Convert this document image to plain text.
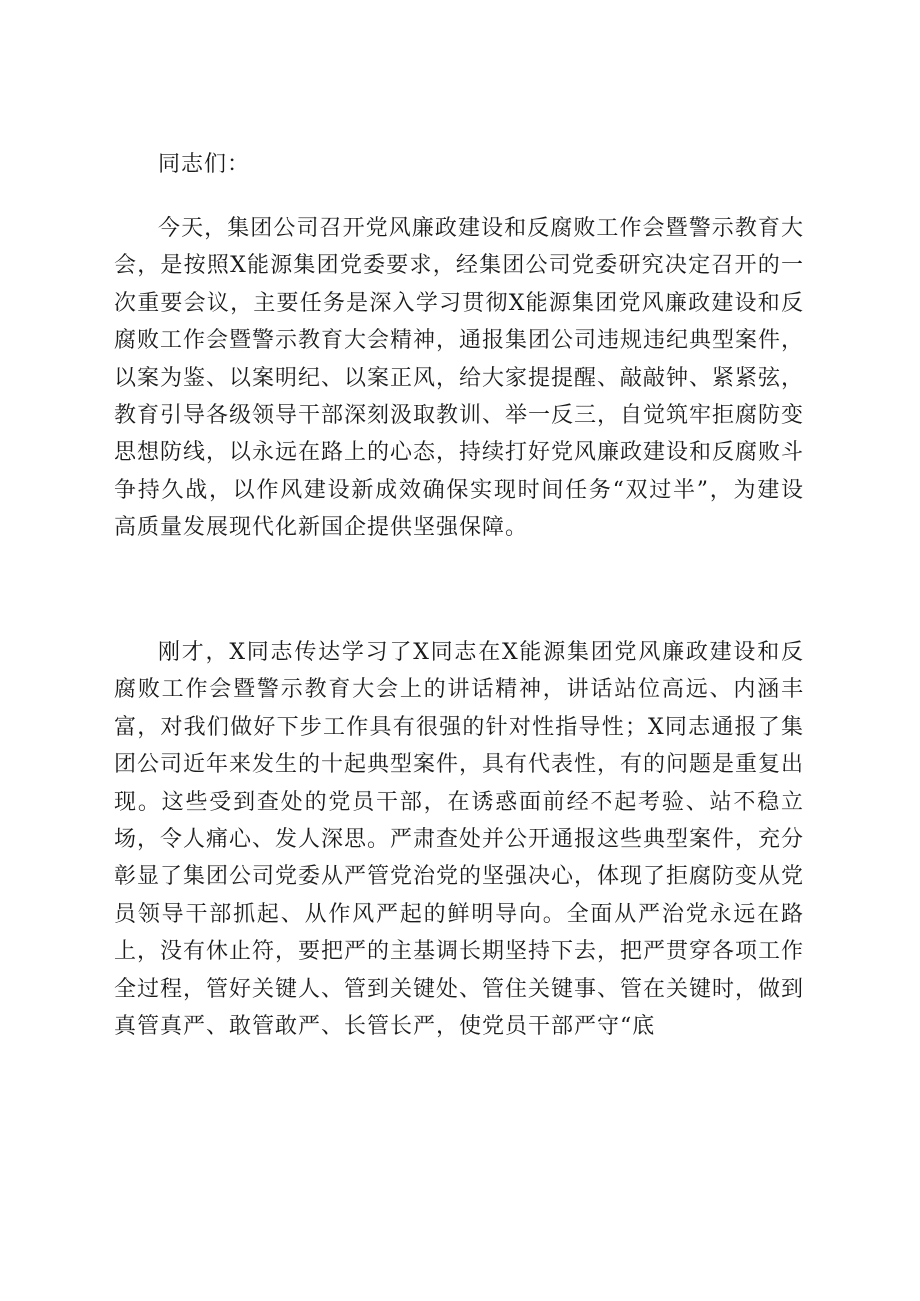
同志们：

今天，集团公司召开党风廉政建设和反腐败工作会暨警示教育大会，是按照X能源集团党委要求，经集团公司党委研究决定召开的一次重要会议，主要任务是深入学习贯彻X能源集团党风廉政建设和反腐败工作会暨警示教育大会精神，通报集团公司违规违纪典型案件，以案为鉴、以案明纪、以案正风，给大家提提醒、敲敲钟、紧紧弦，教育引导各级领导干部深刻汲取教训、举一反三，自觉筑牢拒腐防变思想防线，以永远在路上的心态，持续打好党风廉政建设和反腐败斗争持久战，以作风建设新成效确保实现时间任务“双过半”，为建设高质量发展现代化新国企提供坚强保障。

刚才，X同志传达学习了X同志在X能源集团党风廉政建设和反腐败工作会暨警示教育大会上的讲话精神，讲话站位高远、内涵丰富，对我们做好下步工作具有很强的针对性指导性；X同志通报了集团公司近年来发生的十起典型案件，具有代表性，有的问题是重复出现。这些受到查处的党员干部，在诱惑面前经不起考验、站不稳立场，令人痛心、发人深思。严肃查处并公开通报这些典型案件，充分彰显了集团公司党委从严管党治党的坚强决心，体现了拒腐防变从党员领导干部抓起、从作风严起的鲜明导向。全面从严治党永远在路上，没有休止符，要把严的主基调长期坚持下去，把严贯穿各项工作全过程，管好关键人、管到关键处、管住关键事、管在关键时，做到真管真严、敢管敢严、长管长严，使党员干部严守“底
